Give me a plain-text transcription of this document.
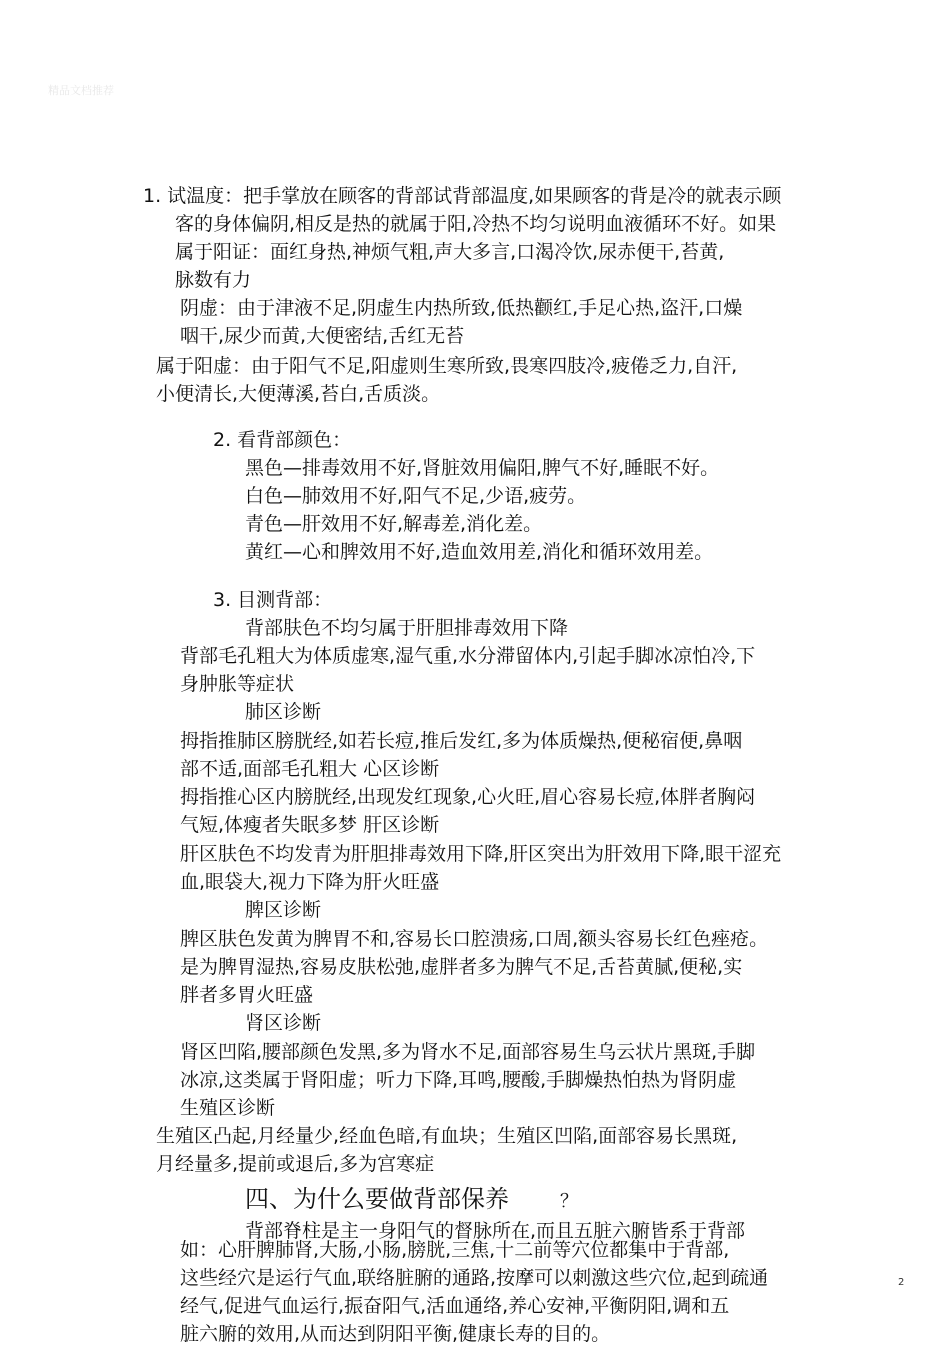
精品文档推荐
1. 试温度：把手掌放在顾客的背部试背部温度,如果顾客的背是冷的就表示顾
客的身体偏阴,相反是热的就属于阳,冷热不均匀说明血液循环不好。如果
属于阳证：面红身热,神烦气粗,声大多言,口渴冷饮,尿赤便干,苔黄,
脉数有力
阴虚：由于津液不足,阴虚生内热所致,低热颧红,手足心热,盗汗,口燥
咽干,尿少而黄,大便密结,舌红无苔
属于阳虚：由于阳气不足,阳虚则生寒所致,畏寒四肢冷,疲倦乏力,自汗,
小便清长,大便薄溪,苔白,舌质淡。
2. 看背部颜色：
黑色—排毒效用不好,肾脏效用偏阳,脾气不好,睡眠不好。
白色—肺效用不好,阳气不足,少语,疲劳。
青色—肝效用不好,解毒差,消化差。
黄红—心和脾效用不好,造血效用差,消化和循环效用差。
3. 目测背部：
背部肤色不均匀属于肝胆排毒效用下降
背部毛孔粗大为体质虚寒,湿气重,水分滞留体内,引起手脚冰凉怕冷,下
身肿胀等症状
肺区诊断
拇指推肺区膀胱经,如若长痘,推后发红,多为体质燥热,便秘宿便,鼻咽
部不适,面部毛孔粗大 心区诊断
拇指推心区内膀胱经,出现发红现象,心火旺,眉心容易长痘,体胖者胸闷
气短,体瘦者失眠多梦 肝区诊断
肝区肤色不均发青为肝胆排毒效用下降,肝区突出为肝效用下降,眼干涩充
血,眼袋大,视力下降为肝火旺盛
脾区诊断
脾区肤色发黄为脾胃不和,容易长口腔溃疡,口周,额头容易长红色痤疮。
是为脾胃湿热,容易皮肤松弛,虚胖者多为脾气不足,舌苔黄腻,便秘,实
胖者多胃火旺盛
肾区诊断
肾区凹陷,腰部颜色发黑,多为肾水不足,面部容易生乌云状片黑斑,手脚
冰凉,这类属于肾阳虚；听力下降,耳鸣,腰酸,手脚燥热怕热为肾阴虚
生殖区诊断
生殖区凸起,月经量少,经血色暗,有血块；生殖区凹陷,面部容易长黑斑,
月经量多,提前或退后,多为宫寒症
四、为什么要做背部保养	？
背部脊柱是主一身阳气的督脉所在,而且五脏六腑皆系于背部
如：心肝脾肺肾,大肠,小肠,膀胱,三焦,十二前等穴位都集中于背部,
这些经穴是运行气血,联络脏腑的通路,按摩可以刺激这些穴位,起到疏通
经气,促进气血运行,振奋阳气,活血通络,养心安神,平衡阴阳,调和五
脏六腑的效用,从而达到阴阳平衡,健康长寿的目的。
2
